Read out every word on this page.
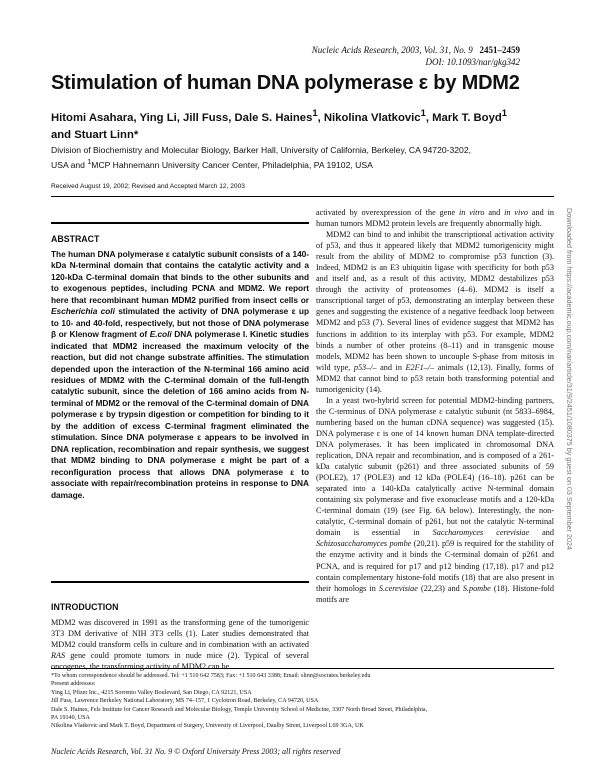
Nucleic Acids Research, 2003, Vol. 31, No. 9 2451–2459
DOI: 10.1093/nar/gkg342
Stimulation of human DNA polymerase ε by MDM2
Hitomi Asahara, Ying Li, Jill Fuss, Dale S. Haines$^1$, Nikolina Vlatkovic$^1$, Mark T. Boyd$^1$
and Stuart Linn*
Division of Biochemistry and Molecular Biology, Barker Hall, University of California, Berkeley, CA 94720-3202,
USA and $^1$MCP Hahnemann University Cancer Center, Philadelphia, PA 19102, USA
Received August 19, 2002; Revised and Accepted March 12, 2003
ABSTRACT
The human DNA polymerase ε catalytic subunit consists of a 140-kDa N-terminal domain that contains the catalytic activity and a 120-kDa C-terminal domain that binds to the other subunits and to exogenous peptides, including PCNA and MDM2. We report here that recombinant human MDM2 purified from insect cells or Escherichia coli stimulated the activity of DNA polymerase ε up to 10- and 40-fold, respectively, but not those of DNA polymerase β or Klenow fragment of E.coli DNA polymerase I. Kinetic studies indicated that MDM2 increased the maximum velocity of the reaction, but did not change substrate affinities. The stimulation depended upon the interaction of the N-terminal 166 amino acid residues of MDM2 with the C-terminal domain of the full-length catalytic subunit, since the deletion of 166 amino acids from N-terminal of MDM2 or the removal of the C-terminal domain of DNA polymerase ε by trypsin digestion or competition for binding to it by the addition of excess C-terminal fragment eliminated the stimulation. Since DNA polymerase ε appears to be involved in DNA replication, recombination and repair synthesis, we suggest that MDM2 binding to DNA polymerase ε might be part of a reconfiguration process that allows DNA polymerase ε to associate with repair/recombination proteins in response to DNA damage.
INTRODUCTION
MDM2 was discovered in 1991 as the transforming gene of the tumorigenic 3T3 DM derivative of NIH 3T3 cells (1). Later studies demonstrated that MDM2 could transform cells in culture and in combination with an activated RAS gene could promote tumors in nude mice (2). Typical of several oncogenes, the transforming activity of MDM2 can be

activated by overexpression of the gene in vitro and in vivo and in human tumors MDM2 protein levels are frequently abnormally high.

MDM2 can bind to and inhibit the transcriptional activation activity of p53, and thus it appeared likely that MDM2 tumorigenicity might result from the ability of MDM2 to compromise p53 function (3). Indeed, MDM2 is an E3 ubiquitin ligase with specificity for both p53 and itself and, as a result of this activity, MDM2 destabilizes p53 through the activity of proteosomes (4–6). MDM2 is itself a transcriptional target of p53, demonstrating an interplay between these genes and suggesting the existence of a negative feedback loop between MDM2 and p53 (7). Several lines of evidence suggest that MDM2 has functions in addition to its interplay with p53. For example, MDM2 binds a number of other proteins (8–11) and in transgenic mouse models, MDM2 has been shown to uncouple S-phase from mitosis in wild type, p53–/– and in E2F1–/– animals (12,13). Finally, forms of MDM2 that cannot bind to p53 retain both transforming potential and tumorigenicity (14).

In a yeast two-hybrid screen for potential MDM2-binding partners, the C-terminus of DNA polymerase ε catalytic subunit (nt 5833–6984, numbering based on the human cDNA sequence) was suggested (15). DNA polymerase ε is one of 14 known human DNA template-directed DNA polymerases. It has been implicated in chromosomal DNA replication, DNA repair and recombination, and is composed of a 261-kDa catalytic subunit (p261) and three associated subunits of 59 (POLE2), 17 (POLE3) and 12 kDa (POLE4) (16–18). p261 can be separated into a 140-kDa catalytically active N-terminal domain containing six polymerase and five exonuclease motifs and a 120-kDa C-terminal domain (19) (see Fig. 6A below). Interestingly, the non-catalytic, C-terminal domain of p261, but not the catalytic N-terminal domain is essential in Saccharomyces cerevisiae and Schizosaccharomyces pombe (20,21). p59 is required for the stability of the enzyme activity and it binds the C-terminal domain of p261 and PCNA, and is required for p17 and p12 binding (17,18). p17 and p12 contain complementary histone-fold motifs (18) that are also present in their homologs in S.cerevisiae (22,23) and S.pombe (18). Histone-fold motifs are

*To whom correspondence should be addressed. Tel: +1 510 642 7583; Fax: +1 510 643 3388; Email: slinn@socrates.berkeley.edu
Present addresses:
Ying Li, Pfizer Inc., 4215 Sorrento Valley Boulevard, San Diego, CA 92121, USA
Jill Fuss, Lawrence Berkeley National Laboratory, MS 74–157, 1 Cyclotron Road, Berkeley, CA 94720, USA
Dale S. Haines, Fels Institute for Cancer Research and Molecular Biology, Temple University School of Medicine, 3307 North Broad Street, Philadelphia,
PA 19140, USA
Nikolina Vlatkovic and Mark T. Boyd, Department of Surgery, University of Liverpool, Daulby Street, Liverpool L69 3GA, UK
Nucleic Acids Research, Vol. 31 No. 9 © Oxford University Press 2003; all rights reserved
Downloaded from https://academic.oup.com/nar/article/31/9/2451/1080375 by guest on 03 September 2024
